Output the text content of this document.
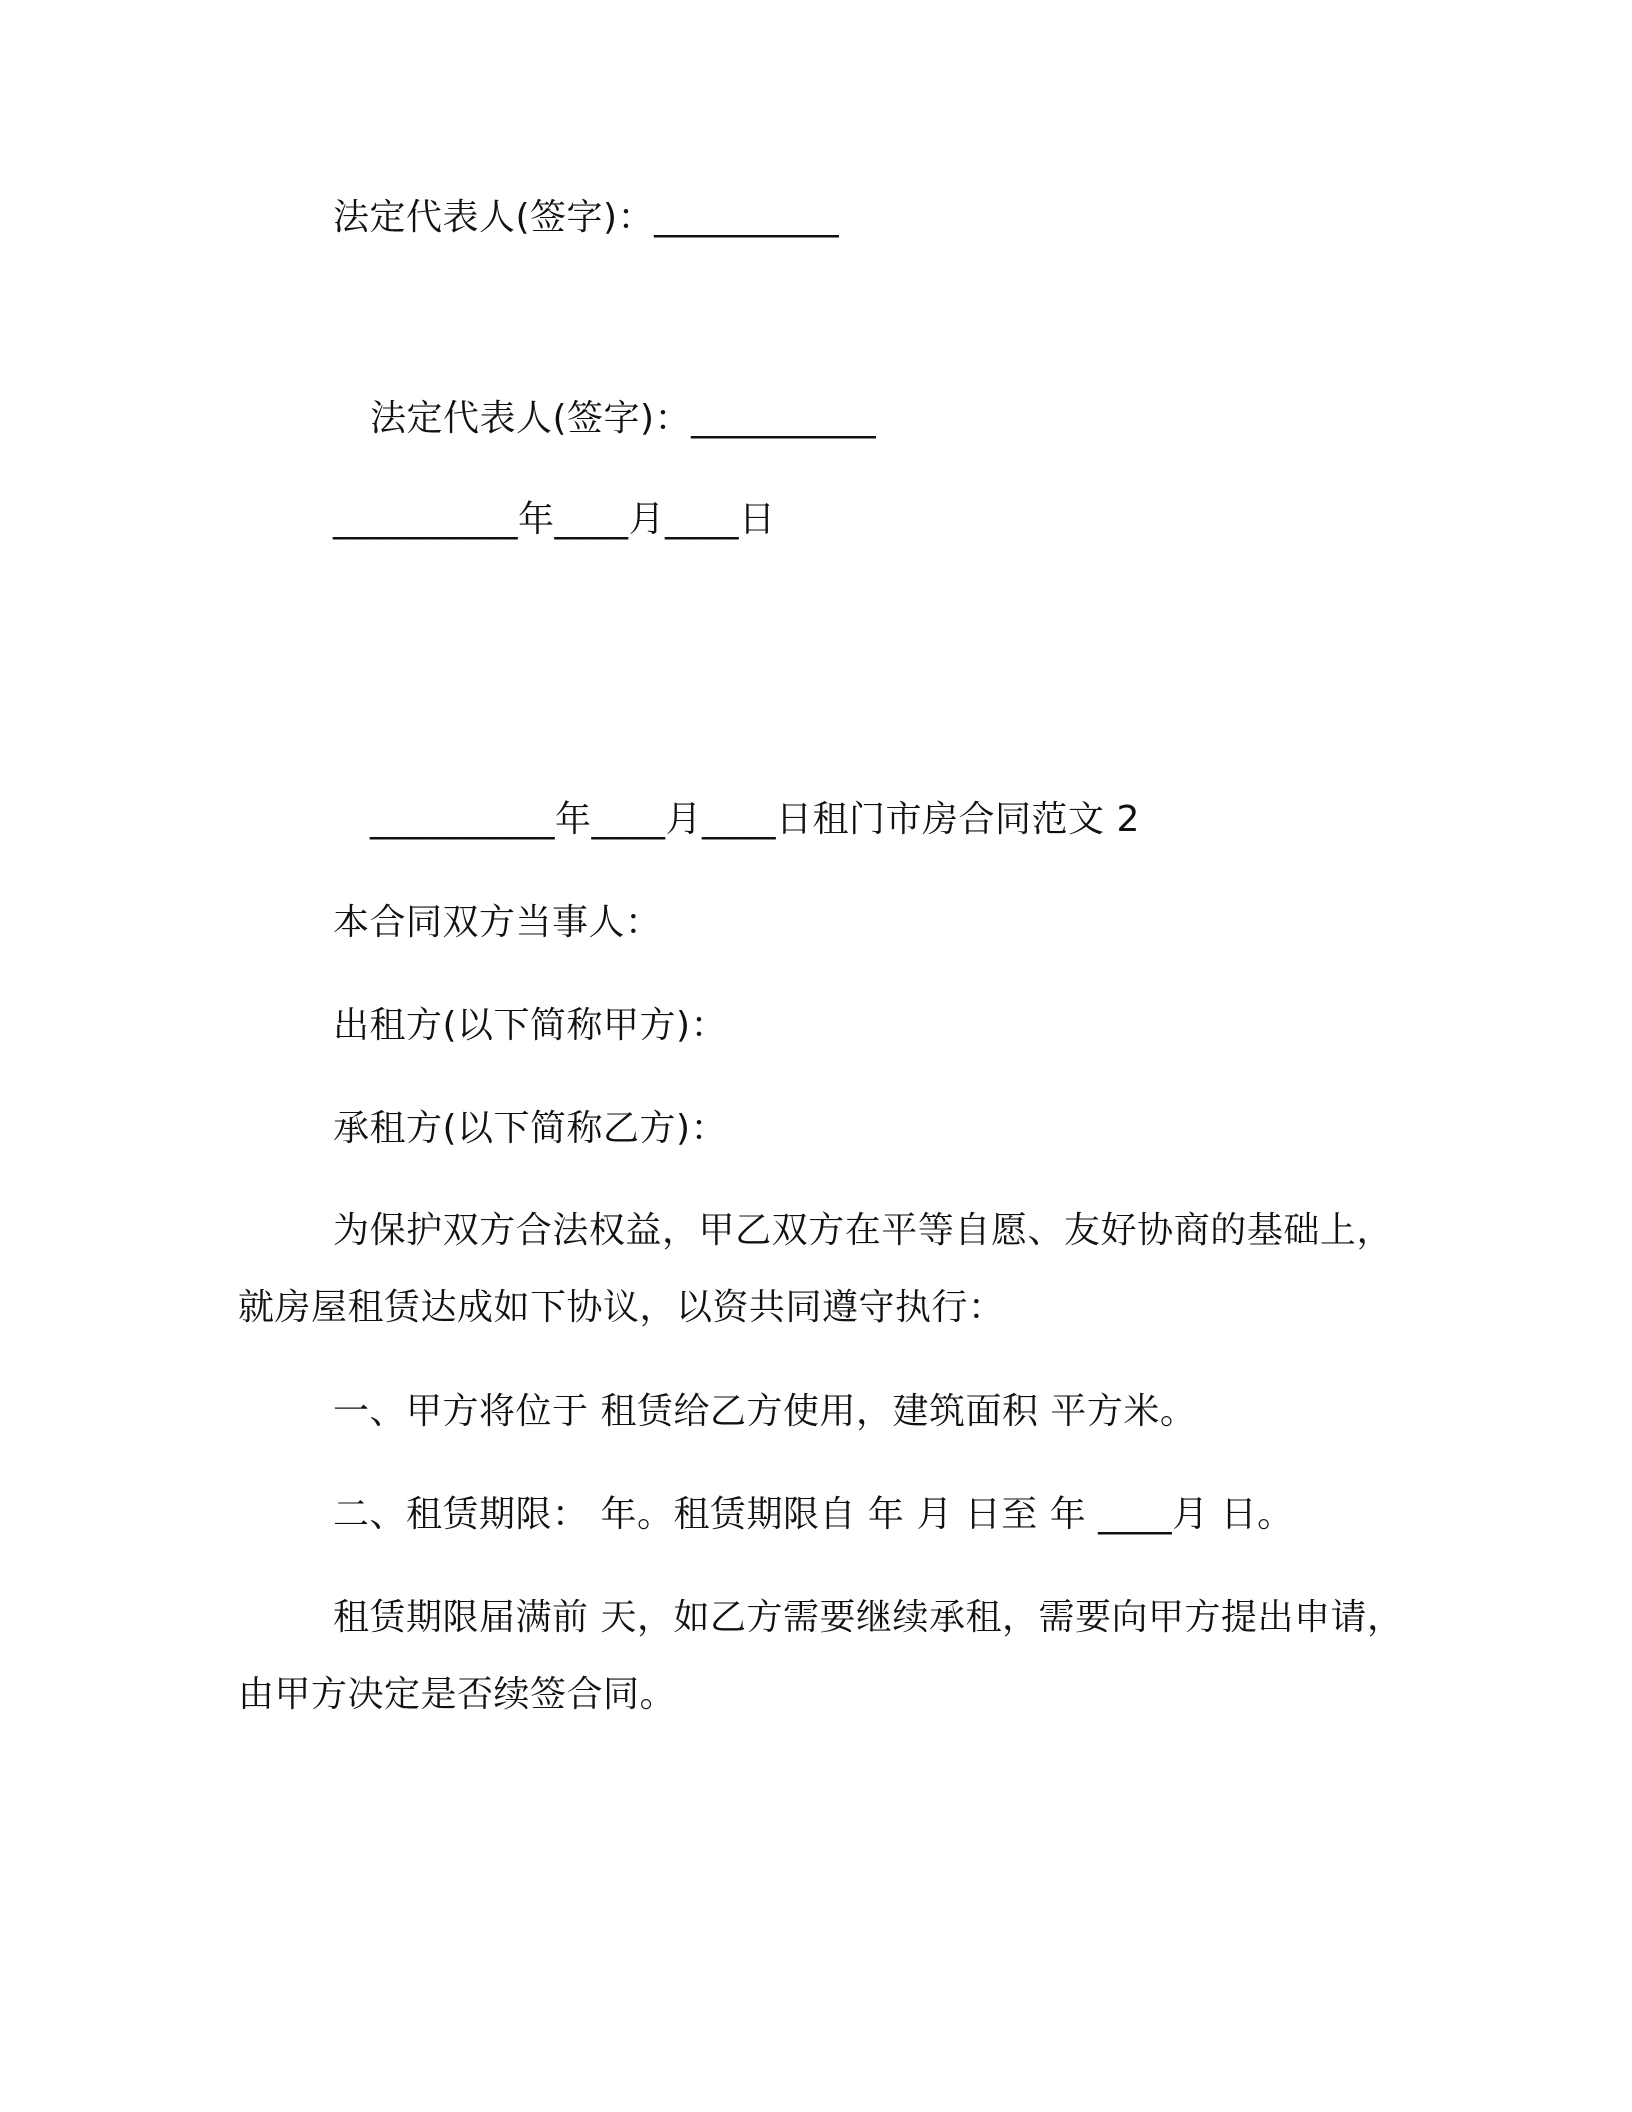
法定代表人(签字)：__________
法定代表人(签字)：__________
__________年____月____日
__________年____月____日租门市房合同范文 2
本合同双方当事人：
出租方(以下简称甲方)：
承租方(以下简称乙方)：
为保护双方合法权益，甲乙双方在平等自愿、友好协商的基础上，
就房屋租赁达成如下协议，以资共同遵守执行：
一、甲方将位于 租赁给乙方使用，建筑面积 平方米。
二、租赁期限： 年。租赁期限自 年 月 日至 年 ____月 日。
租赁期限届满前 天，如乙方需要继续承租，需要向甲方提出申请，
由甲方决定是否续签合同。
